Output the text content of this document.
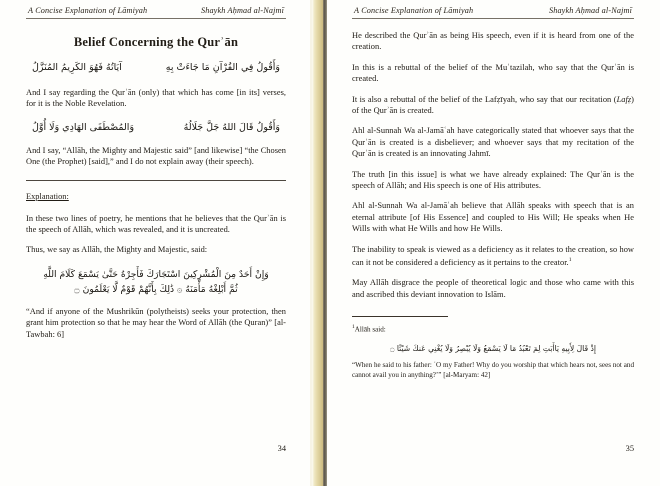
A Concise Explanation of Lāmiyah	Shaykh Aḥmad al-Najmī
Belief Concerning the Qurʾān
وَأَقُولُ فِي القُرْآنِ مَا جَاءَتْ بِهِ
آيَاتُهُ فَهُوَ الكَرِيمُ المُنَزَّلُ

And I say regarding the Qurʾān (only) that which has come [in its] verses, for it is the Noble Revelation.

وَأَقُولُ قَالَ اللهُ جَلَّ جَلَالُهُ
وَالمُصْطَفَى الهَادِي وَلَا أُوَّلُ

And I say, “Allāh, the Mighty and Majestic said” [and likewise] “the Chosen One (the Prophet) [said],” and I do not explain away (their speech).

Explanation:

In these two lines of poetry, he mentions that he believes that the Qurʾān is the speech of Allāh, which was revealed, and it is uncreated.

Thus, we say as Allāh, the Mighty and Majestic, said:

وَإِنْ أَحَدٌ مِنَ الْمُشْرِكِينَ اسْتَجَارَكَ فَأَجِرْهُ حَتَّىٰ يَسْمَعَ كَلَامَ اللَّهِ
ثُمَّ أَبْلِغْهُ مَأْمَنَهُ ۞ ذَٰلِكَ بِأَنَّهُمْ قَوْمٌ لَّا يَعْلَمُونَ ۝

“And if anyone of the Mushrikūn (polytheists) seeks your protection, then grant him protection so that he may hear the Word of Allāh (the Quran)” [al-Tawbah: 6]

34
A Concise Explanation of Lāmiyah	Shaykh Aḥmad al-Najmī

He described the Qurʾān as being His speech, even if it is heard from one of the creation.

In this is a rebuttal of the belief of the Muʿtazilah, who say that the Qurʾān is created.

It is also a rebuttal of the belief of the Lafẓīyah, who say that our recitation (Lafẓ) of the Qurʾān is created.

Ahl al-Sunnah Wa al-Jamāʿah have categorically stated that whoever says that the Qurʾān is created is a disbeliever; and whoever says that my recitation of the Qurʾān is created is an innovating Jahmī.

The truth [in this issue] is what we have already explained: The Qurʾān is the speech of Allāh; and His speech is one of His attributes.

Ahl al-Sunnah Wa al-Jamāʿah believe that Allāh speaks with speech that is an eternal attribute [of His Essence] and coupled to His Will; He speaks when He Wills with what He Wills and how He Wills.

The inability to speak is viewed as a deficiency as it relates to the creation, so how can it not be considered a deficiency as it pertains to the creator.$^1$

May Allāh disgrace the people of theoretical logic and those who came with this and ascribed this deviant innovation to Islām.

$^1$Allāh said:

إِذْ قَالَ لِأَبِيهِ يَاأَبَتِ لِمَ تَعْبُدُ مَا لَا يَسْمَعُ وَلَا يُبْصِرُ وَلَا يُغْنِي عَنكَ شَيْئًا ۝

“When he said to his father: ʿO my Father! Why do you worship that which hears not, sees not and cannot avail you in anything?ʼ” [al-Maryam: 42]

35
